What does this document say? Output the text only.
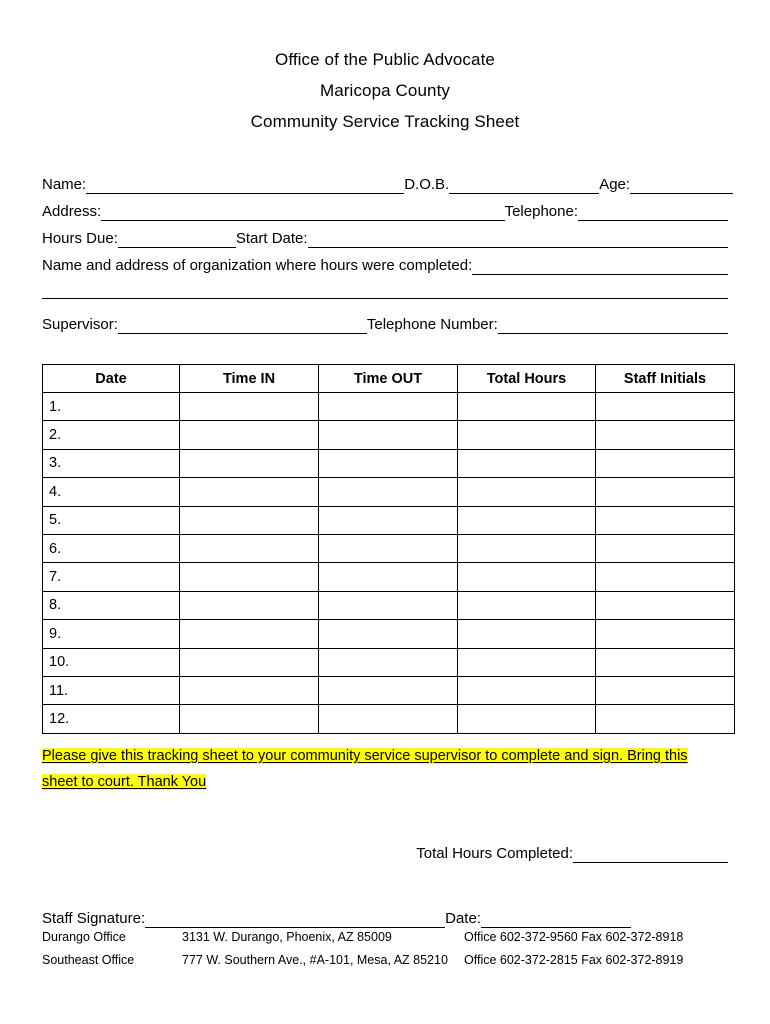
Office of the Public Advocate
Maricopa County
Community Service Tracking Sheet
Name:	D.O.B.	Age:
Address:	Telephone:
Hours Due:	Start Date:
Name and address of organization where hours were completed:
Supervisor:	Telephone Number:
Date	Time IN	Time OUT	Total Hours	Staff Initials
1.				
2.				
3.				
4.				
5.				
6.				
7.				
8.				
9.				
10.				
11.				
12.				
Please give this tracking sheet to your community service supervisor to complete and sign. Bring this sheet to court. Thank You
Total Hours Completed:
Staff Signature:	Date:
Durango Office	3131 W. Durango, Phoenix, AZ 85009	Office 602-372-9560 Fax 602-372-8918
Southeast Office	777 W. Southern Ave., #A-101, Mesa, AZ 85210	Office 602-372-2815 Fax 602-372-8919
